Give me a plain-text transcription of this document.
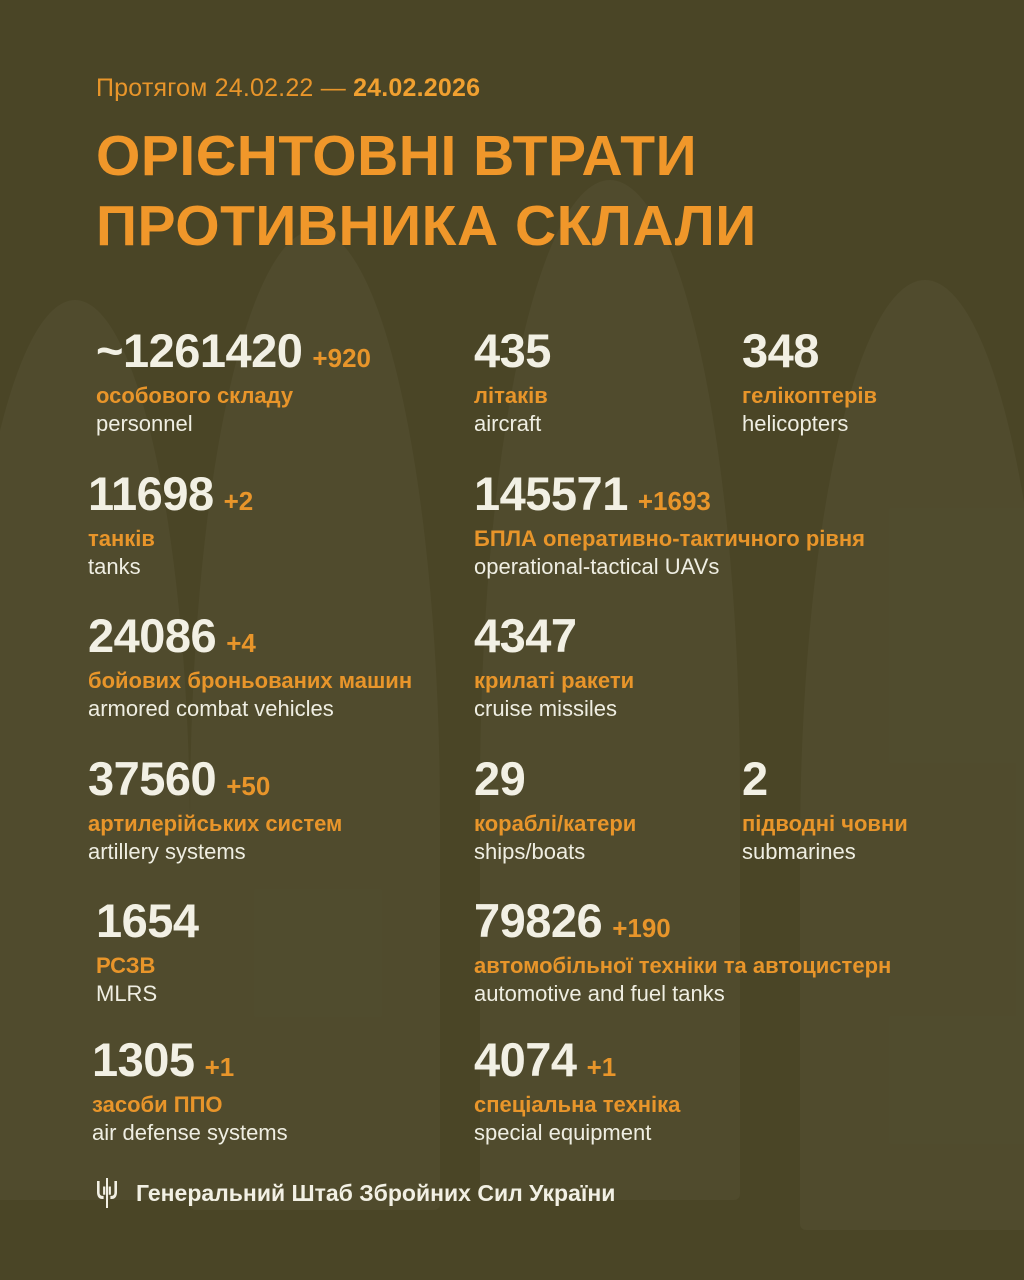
Протягом 24.02.22 — 24.02.2026
ОРІЄНТОВНІ ВТРАТИ
ПРОТИВНИКА СКЛАЛИ
~1261420 +920
особового складу
personnel
435
літаків
aircraft
348
гелікоптерів
helicopters
11698 +2
танків
tanks
145571 +1693
БПЛА оперативно-тактичного рівня
operational-tactical UAVs
24086 +4
бойових броньованих машин
armored combat vehicles
4347
крилаті ракети
cruise missiles
37560 +50
артилерійських систем
artillery systems
29
кораблі/катери
ships/boats
2
підводні човни
submarines
1654
РСЗВ
MLRS
79826 +190
автомобільної техніки та автоцистерн
automotive and fuel tanks
1305 +1
засоби ППО
air defense systems
4074 +1
спеціальна техніка
special equipment
Генеральний Штаб Збройних Сил України
